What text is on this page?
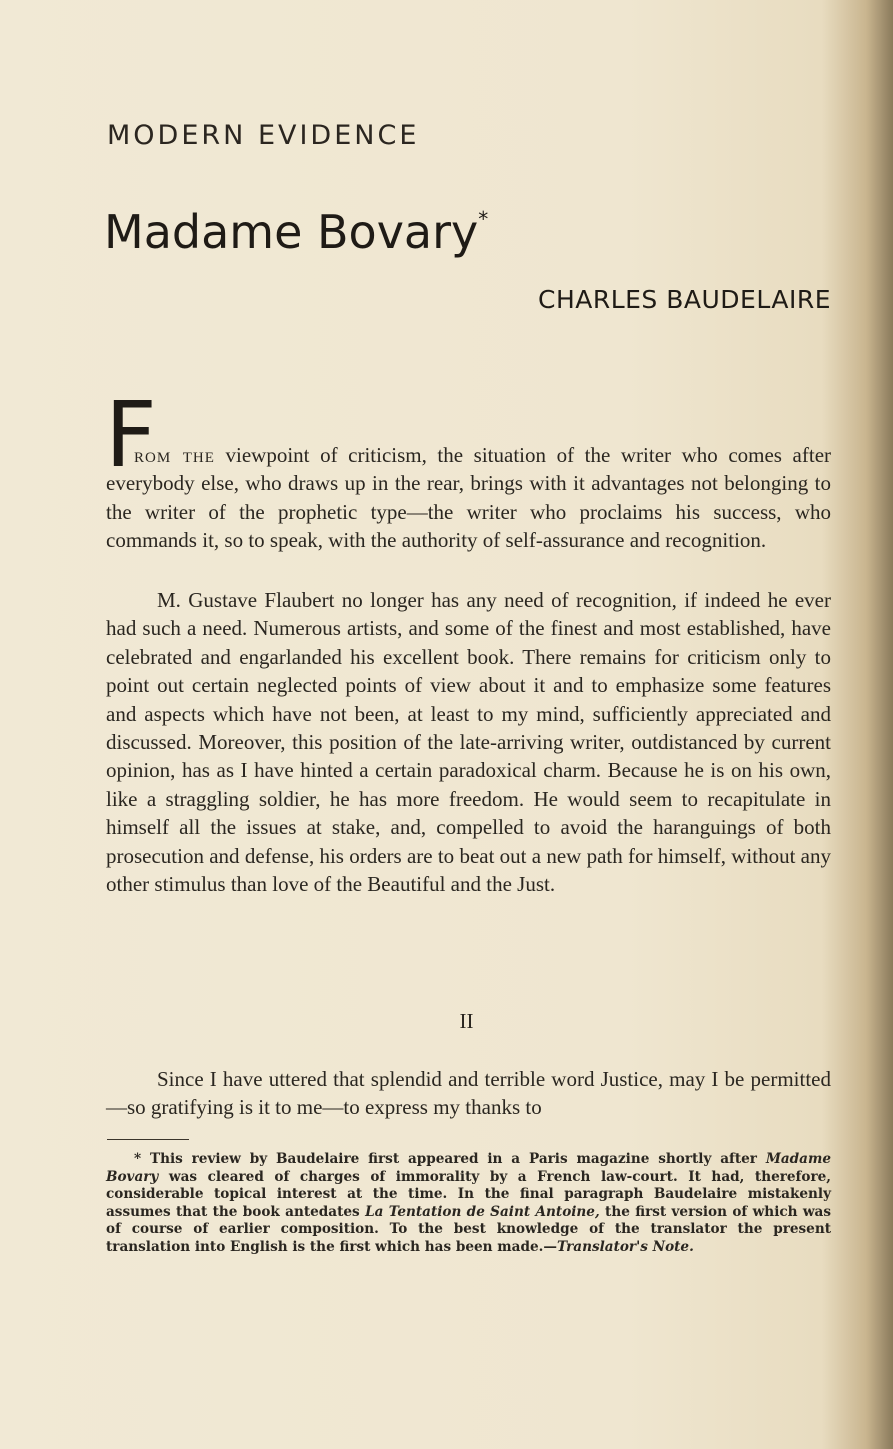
MODERN EVIDENCE
Madame Bovary*
CHARLES BAUDELAIRE
F
rom the viewpoint of criticism, the situation of the writer who comes after everybody else, who draws up in the rear, brings with it advantages not belonging to the writer of the prophetic type—the writer who proclaims his success, who commands it, so to speak, with the authority of self-assurance and recognition.
M. Gustave Flaubert no longer has any need of recognition, if indeed he ever had such a need. Numerous artists, and some of the finest and most established, have celebrated and engarlanded his excellent book. There remains for criticism only to point out certain neglected points of view about it and to emphasize some features and aspects which have not been, at least to my mind, sufficiently appreciated and discussed. Moreover, this position of the late-arriving writer, outdistanced by current opinion, has as I have hinted a certain paradoxical charm. Because he is on his own, like a straggling soldier, he has more freedom. He would seem to recapitulate in himself all the issues at stake, and, compelled to avoid the haranguings of both prosecution and defense, his orders are to beat out a new path for himself, without any other stimulus than love of the Beautiful and the Just.
II
Since I have uttered that splendid and terrible word Justice, may I be permitted—so gratifying is it to me—to express my thanks to
* This review by Baudelaire first appeared in a Paris magazine shortly after Madame Bovary was cleared of charges of immorality by a French law-court. It had, therefore, considerable topical interest at the time. In the final paragraph Baudelaire mistakenly assumes that the book antedates La Tentation de Saint Antoine, the first version of which was of course of earlier composition. To the best knowledge of the translator the present translation into English is the first which has been made.—Translator's Note.
